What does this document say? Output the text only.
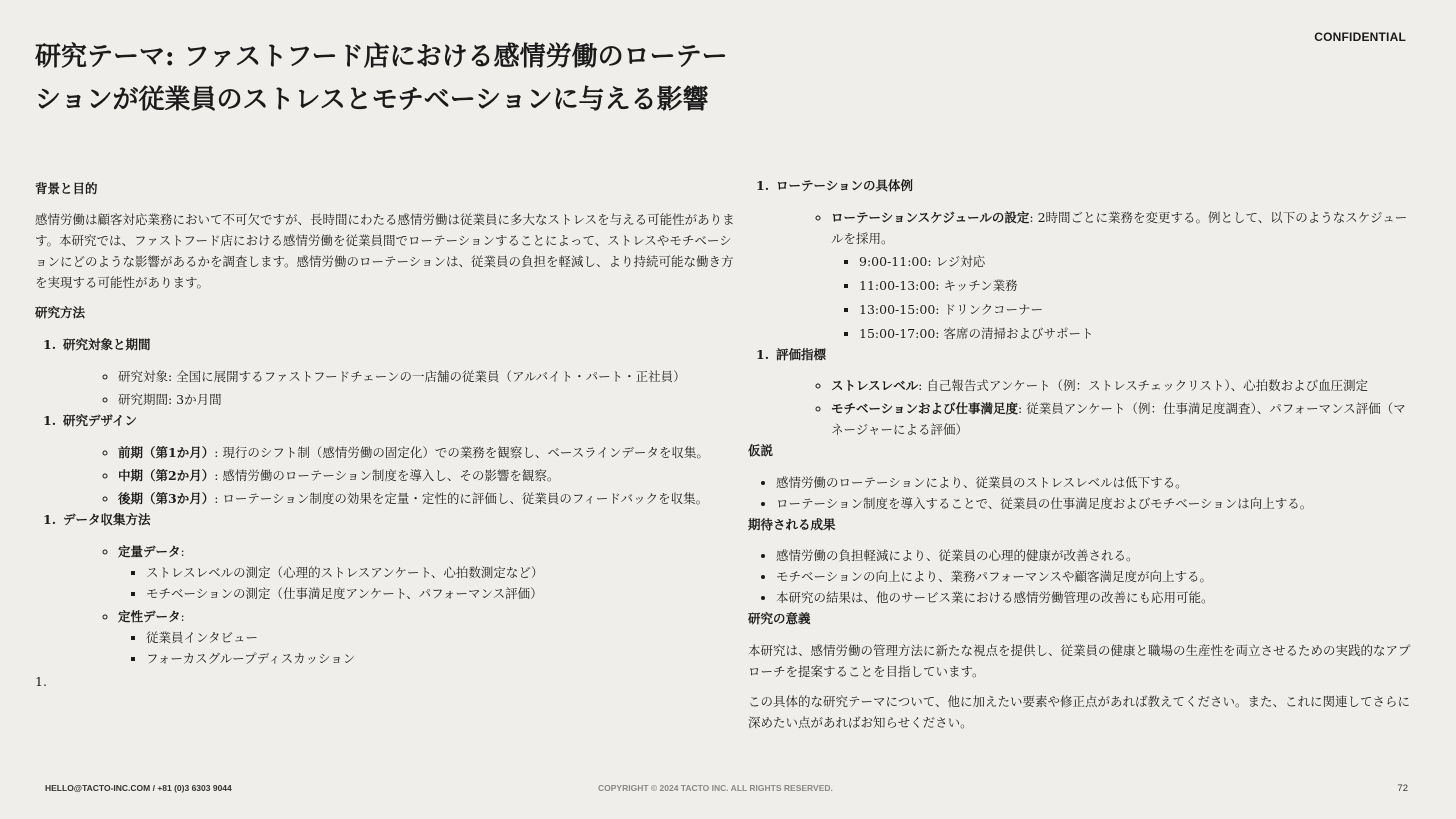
CONFIDENTIAL
研究テーマ: ファストフード店における感情労働のローテーションが従業員のストレスとモチベーションに与える影響

背景と目的

感情労働は顧客対応業務において不可欠ですが、長時間にわたる感情労働は従業員に多大なストレスを与える可能性があります。本研究では、ファストフード店における感情労働を従業員間でローテーションすることによって、ストレスやモチベーションにどのような影響があるかを調査します。感情労働のローテーションは、従業員の負担を軽減し、より持続可能な働き方を実現する可能性があります。

研究方法

1. 研究対象と期間
◦ 研究対象: 全国に展開するファストフードチェーンの一店舗の従業員（アルバイト・パート・正社員）
◦ 研究期間: 3か月間
1. 研究デザイン
◦ 前期（第1か月）: 現行のシフト制（感情労働の固定化）での業務を観察し、ベースラインデータを収集。
◦ 中期（第2か月）: 感情労働のローテーション制度を導入し、その影響を観察。
◦ 後期（第3か月）: ローテーション制度の効果を定量・定性的に評価し、従業員のフィードバックを収集。
1. データ収集方法
◦ 定量データ:
▪ ストレスレベルの測定（心理的ストレスアンケート、心拍数測定など）
▪ モチベーションの測定（仕事満足度アンケート、パフォーマンス評価）
◦ 定性データ:
▪ 従業員インタビュー
▪ フォーカスグループディスカッション

1.

1. ローテーションの具体例
◦ ローテーションスケジュールの設定: 2時間ごとに業務を変更する。例として、以下のようなスケジュールを採用。
▪ 9:00-11:00: レジ対応
▪ 11:00-13:00: キッチン業務
▪ 13:00-15:00: ドリンクコーナー
▪ 15:00-17:00: 客席の清掃およびサポート
1. 評価指標
◦ ストレスレベル: 自己報告式アンケート（例：ストレスチェックリスト）、心拍数および血圧測定
◦ モチベーションおよび仕事満足度: 従業員アンケート（例：仕事満足度調査）、パフォーマンス評価（マネージャーによる評価）

仮説

• 感情労働のローテーションにより、従業員のストレスレベルは低下する。
• ローテーション制度を導入することで、従業員の仕事満足度およびモチベーションは向上する。

期待される成果

• 感情労働の負担軽減により、従業員の心理的健康が改善される。
• モチベーションの向上により、業務パフォーマンスや顧客満足度が向上する。
• 本研究の結果は、他のサービス業における感情労働管理の改善にも応用可能。

研究の意義

本研究は、感情労働の管理方法に新たな視点を提供し、従業員の健康と職場の生産性を両立させるための実践的なアプローチを提案することを目指しています。

この具体的な研究テーマについて、他に加えたい要素や修正点があれば教えてください。また、これに関連してさらに深めたい点があればお知らせください。

HELLO@TACTO-INC.COM / +81 (0)3 6303 9044	COPYRIGHT © 2024 TACTO INC. ALL RIGHTS RESERVED.	72
